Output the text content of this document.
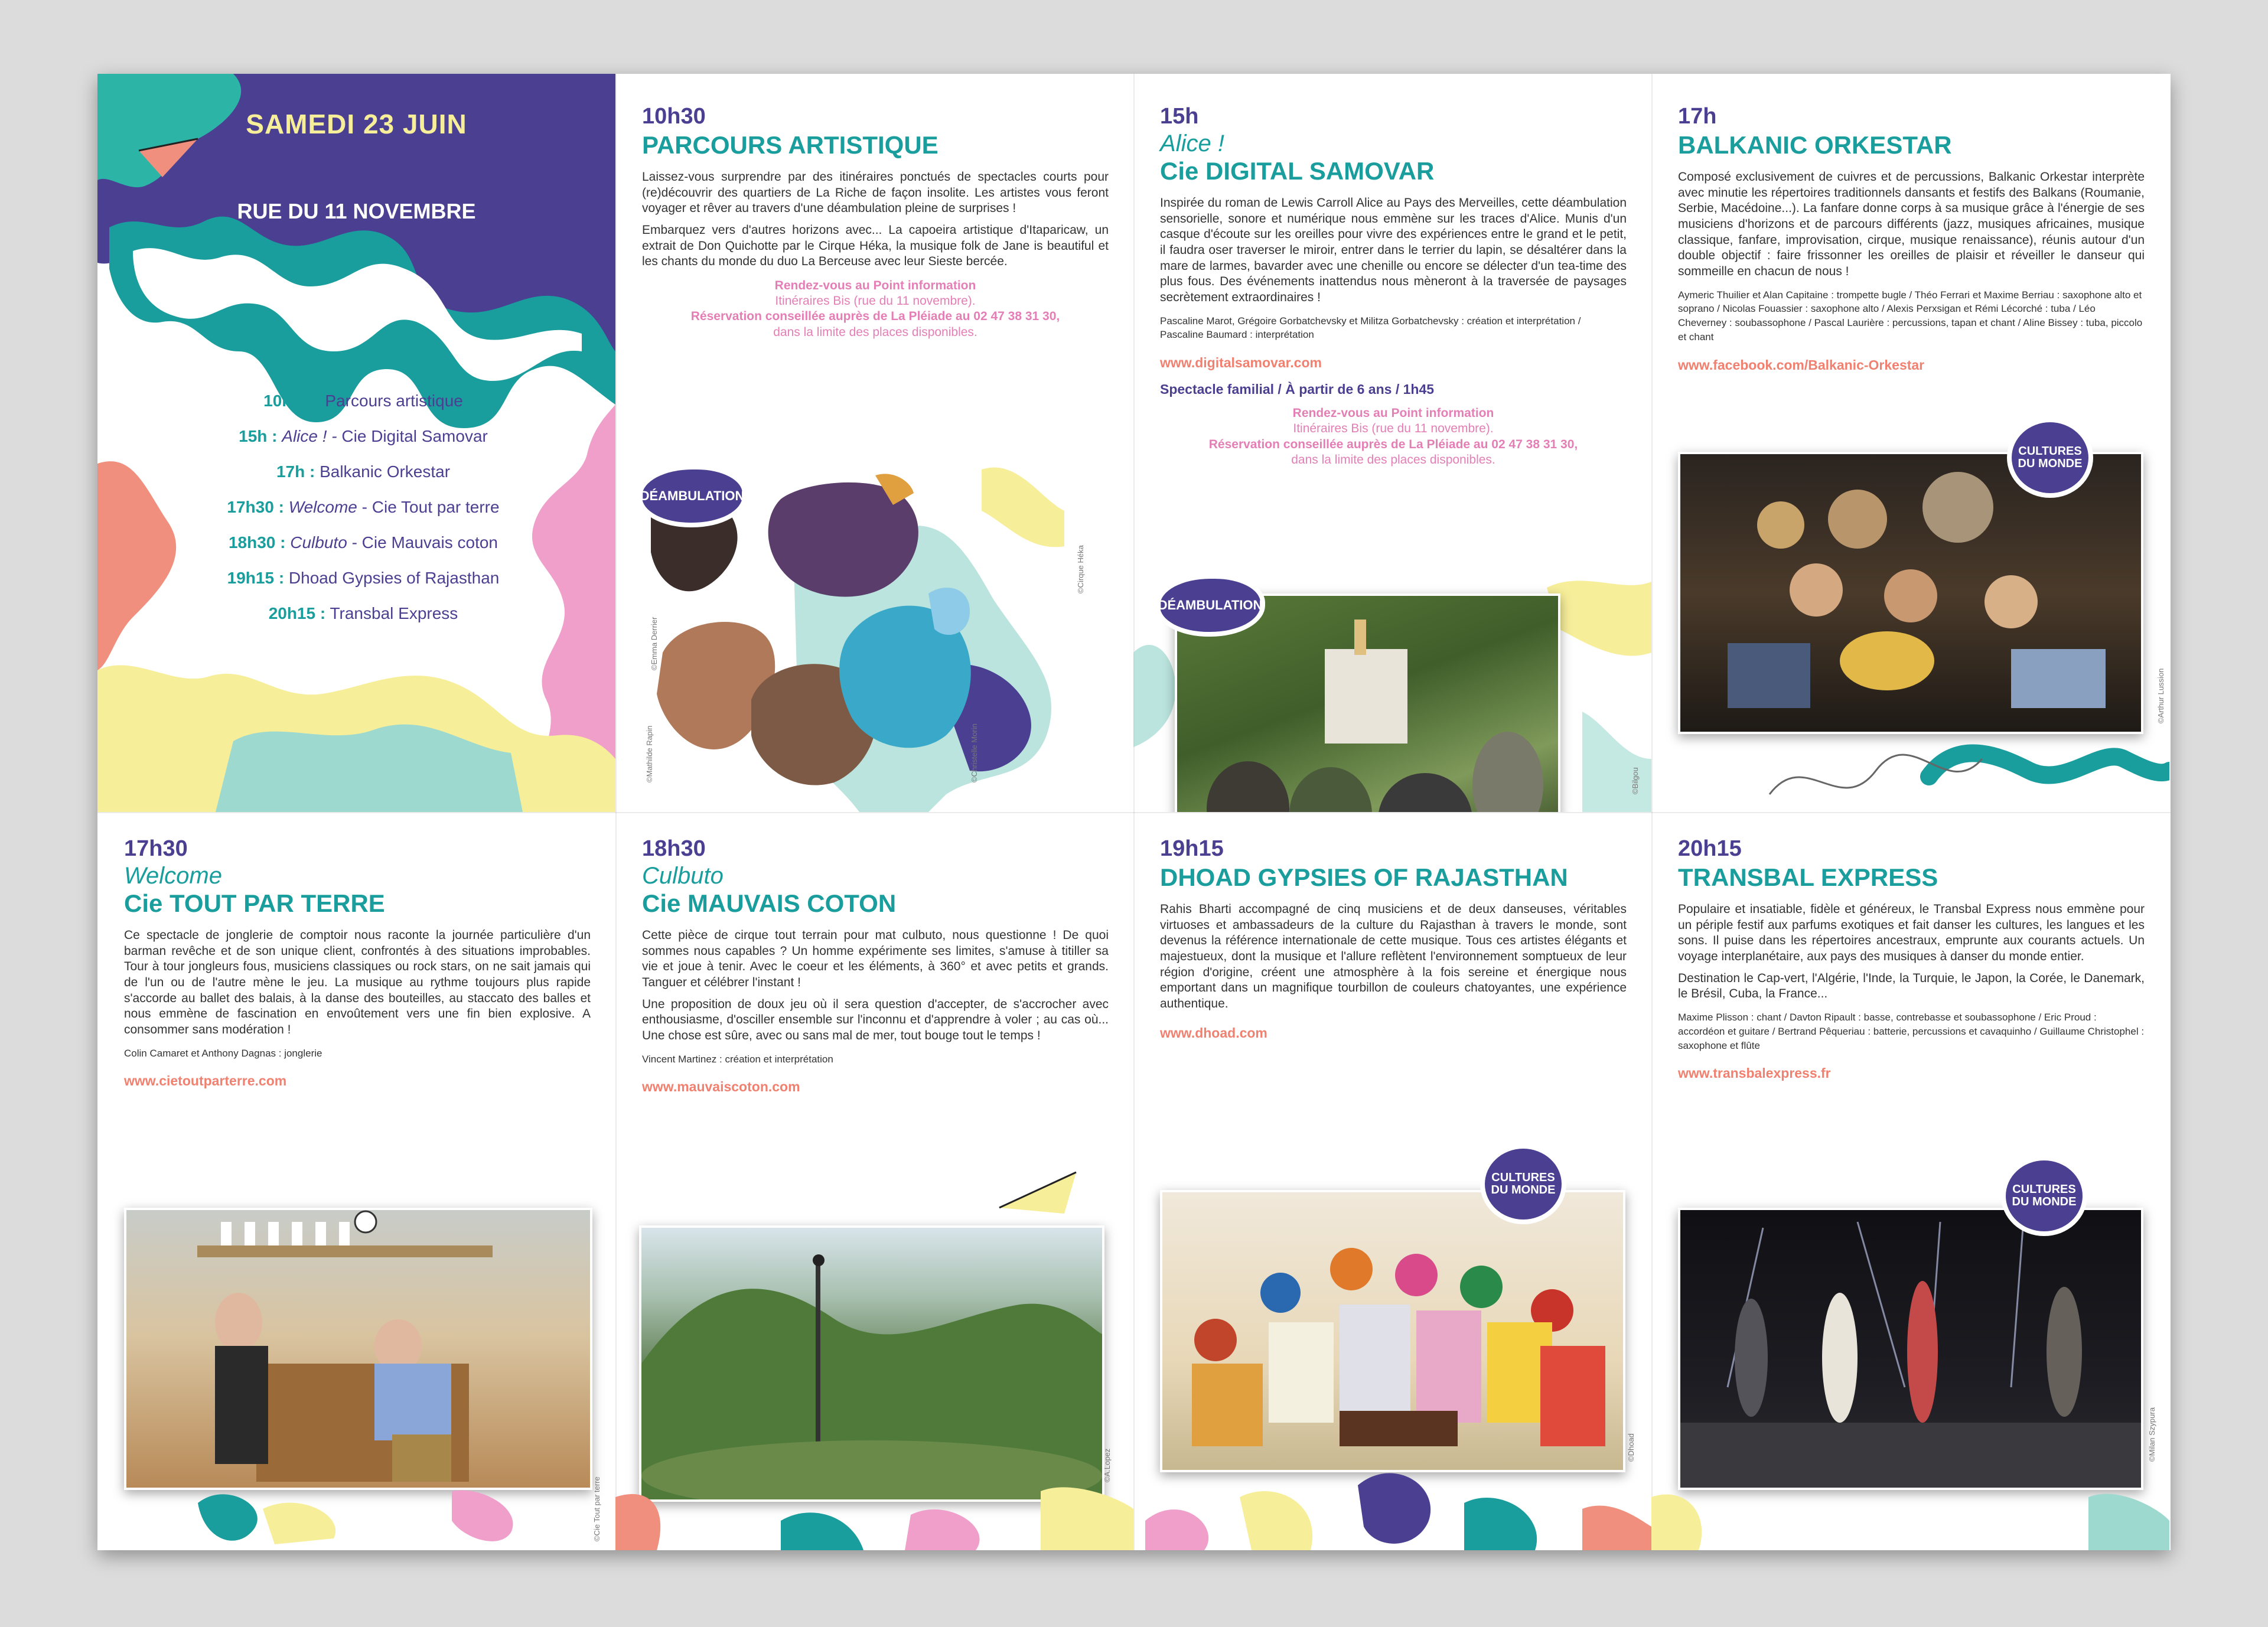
SAMEDI 23 JUIN
RUE DU 11 NOVEMBRE
10h30 : Parcours artistique
15h : Alice ! - Cie Digital Samovar
17h : Balkanic Orkestar
17h30 : Welcome - Cie Tout par terre
18h30 : Culbuto - Cie Mauvais coton
19h15 : Dhoad Gypsies of Rajasthan
20h15 : Transbal Express
10h30
PARCOURS ARTISTIQUE

Laissez-vous surprendre par des itinéraires ponctués de spectacles courts pour (re)découvrir des quartiers de La Riche de façon insolite. Les artistes vous feront voyager et rêver au travers d'une déambulation pleine de surprises !

Embarquez vers d'autres horizons avec... La capoeira artistique d'Itaparicaw, un extrait de Don Quichotte par le Cirque Héka, la musique folk de Jane is beautiful et les chants du monde du duo La Berceuse avec leur Sieste bercée.

Rendez-vous au Point information
Itinéraires Bis (rue du 11 novembre).
Réservation conseillée auprès de La Pléiade au 02 47 38 31 30,
dans la limite des places disponibles.
DÉAMBULATION
©Emma Derrier
©Cirque Héka
©Mathilde Rapin	©Christelle Morin
15h
Alice !
Cie DIGITAL SAMOVAR

Inspirée du roman de Lewis Carroll Alice au Pays des Merveilles, cette déambulation sensorielle, sonore et numérique nous emmène sur les traces d'Alice. Munis d'un casque d'écoute sur les oreilles pour vivre des expériences entre le grand et le petit, il faudra oser traverser le miroir, entrer dans le terrier du lapin, se désaltérer dans la mare de larmes, bavarder avec une chenille ou encore se délecter d'un tea-time des plus fous. Des événements inattendus nous mèneront à la traversée de paysages secrètement extraordinaires !

Pascaline Marot, Grégoire Gorbatchevsky et Militza Gorbatchevsky : création et interprétation / Pascaline Baumard : interprétation
www.digitalsamovar.com
Spectacle familial / À partir de 6 ans / 1h45
Rendez-vous au Point information
Itinéraires Bis (rue du 11 novembre).
Réservation conseillée auprès de La Pléiade au 02 47 38 31 30,
dans la limite des places disponibles.
DÉAMBULATION
©Bilgou
17h
BALKANIC ORKESTAR

Composé exclusivement de cuivres et de percussions, Balkanic Orkestar interprète avec minutie les répertoires traditionnels dansants et festifs des Balkans (Roumanie, Serbie, Macédoine...). La fanfare donne corps à sa musique grâce à l'énergie de ses musiciens d'horizons et de parcours différents (jazz, musiques africaines, musique classique, fanfare, improvisation, cirque, musique renaissance), réunis autour d'un double objectif : faire frissonner les oreilles de plaisir et réveiller le danseur qui sommeille en chacun de nous !

Aymeric Thuilier et Alan Capitaine : trompette bugle / Théo Ferrari et Maxime Berriau : saxophone alto et soprano / Nicolas Fouassier : saxophone alto / Alexis Perxsigan et Rémi Lécorché : tuba / Léo Cheverney : soubassophone / Pascal Laurière : percussions, tapan et chant / Aline Bissey : tuba, piccolo et chant
www.facebook.com/Balkanic-Orkestar
CULTURES DU MONDE
©Arthur Lussion
17h30
Welcome
Cie TOUT PAR TERRE

Ce spectacle de jonglerie de comptoir nous raconte la journée particulière d'un barman revêche et de son unique client, confrontés à des situations improbables. Tour à tour jongleurs fous, musiciens classiques ou rock stars, on ne sait jamais qui de l'un ou de l'autre mène le jeu. La musique au rythme toujours plus rapide s'accorde au ballet des balais, à la danse des bouteilles, au staccato des balles et nous emmène de fascination en envoûtement vers une fin bien explosive. A consommer sans modération !

Colin Camaret et Anthony Dagnas : jonglerie
www.cietoutparterre.com
©Cie Tout par terre
18h30
Culbuto
Cie MAUVAIS COTON

Cette pièce de cirque tout terrain pour mat culbuto, nous questionne ! De quoi sommes nous capables ? Un homme expérimente ses limites, s'amuse à titiller sa vie et joue à tenir. Avec le coeur et les éléments, à 360° et avec petits et grands. Tanguer et célébrer l'instant !

Une proposition de doux jeu où il sera question d'accepter, de s'accrocher avec enthousiasme, d'osciller ensemble sur l'inconnu et d'apprendre à voler ; au cas où... Une chose est sûre, avec ou sans mal de mer, tout bouge tout le temps !

Vincent Martinez : création et interprétation
www.mauvaiscoton.com
©A.Lopez
19h15
DHOAD GYPSIES OF RAJASTHAN

Rahis Bharti accompagné de cinq musiciens et de deux danseuses, véritables virtuoses et ambassadeurs de la culture du Rajasthan à travers le monde, sont devenus la référence internationale de cette musique. Tous ces artistes élégants et majestueux, dont la musique et l'allure reflètent l'environnement somptueux de leur région d'origine, créent une atmosphère à la fois sereine et énergique nous emportant dans un magnifique tourbillon de couleurs chatoyantes, une expérience authentique.

www.dhoad.com
CULTURES DU MONDE
©Dhoad
20h15
TRANSBAL EXPRESS

Populaire et insatiable, fidèle et généreux, le Transbal Express nous emmène pour un périple festif aux parfums exotiques et fait danser les cultures, les langues et les sons. Il puise dans les répertoires ancestraux, emprunte aux courants actuels. Un voyage interplanétaire, aux pays des musiques à danser du monde entier.

Destination le Cap-vert, l'Algérie, l'Inde, la Turquie, le Japon, la Corée, le Danemark, le Brésil, Cuba, la France...

Maxime Plisson : chant / Davton Ripault : basse, contrebasse et soubassophone / Eric Proud : accordéon et guitare / Bertrand Pêqueriau : batterie, percussions et cavaquinho / Guillaume Christophel : saxophone et flûte
www.transbalexpress.fr
CULTURES DU MONDE
©Milan Szypura
